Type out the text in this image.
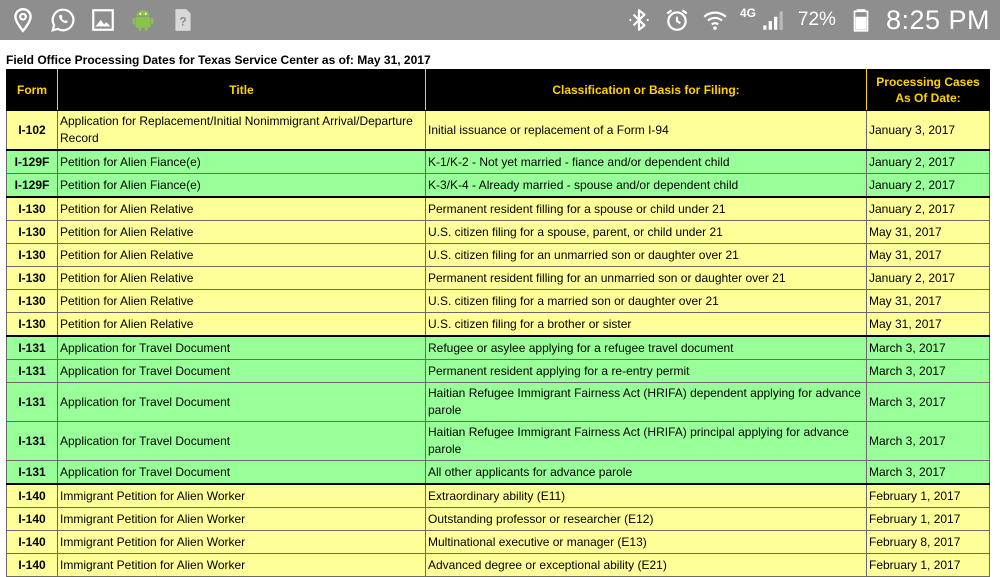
?
4G 72% 8:25 PM
Field Office Processing Dates for Texas Service Center as of: May 31, 2017
Form	Title	Classification or Basis for Filing:	Processing Cases As Of Date:
I-102	Application for Replacement/Initial Nonimmigrant Arrival/Departure Record	Initial issuance or replacement of a Form I-94	January 3, 2017
I-129F	Petition for Alien Fiance(e)	K-1/K-2 - Not yet married - fiance and/or dependent child	January 2, 2017
I-129F	Petition for Alien Fiance(e)	K-3/K-4 - Already married - spouse and/or dependent child	January 2, 2017
I-130	Petition for Alien Relative	Permanent resident filling for a spouse or child under 21	January 2, 2017
I-130	Petition for Alien Relative	U.S. citizen filing for a spouse, parent, or child under 21	May 31, 2017
I-130	Petition for Alien Relative	U.S. citizen filing for an unmarried son or daughter over 21	May 31, 2017
I-130	Petition for Alien Relative	Permanent resident filling for an unmarried son or daughter over 21	January 2, 2017
I-130	Petition for Alien Relative	U.S. citizen filing for a married son or daughter over 21	May 31, 2017
I-130	Petition for Alien Relative	U.S. citizen filing for a brother or sister	May 31, 2017
I-131	Application for Travel Document	Refugee or asylee applying for a refugee travel document	March 3, 2017
I-131	Application for Travel Document	Permanent resident applying for a re-entry permit	March 3, 2017
I-131	Application for Travel Document	Haitian Refugee Immigrant Fairness Act (HRIFA) dependent applying for advance parole	March 3, 2017
I-131	Application for Travel Document	Haitian Refugee Immigrant Fairness Act (HRIFA) principal applying for advance parole	March 3, 2017
I-131	Application for Travel Document	All other applicants for advance parole	March 3, 2017
I-140	Immigrant Petition for Alien Worker	Extraordinary ability (E11)	February 1, 2017
I-140	Immigrant Petition for Alien Worker	Outstanding professor or researcher (E12)	February 1, 2017
I-140	Immigrant Petition for Alien Worker	Multinational executive or manager (E13)	February 8, 2017
I-140	Immigrant Petition for Alien Worker	Advanced degree or exceptional ability (E21)	February 1, 2017
